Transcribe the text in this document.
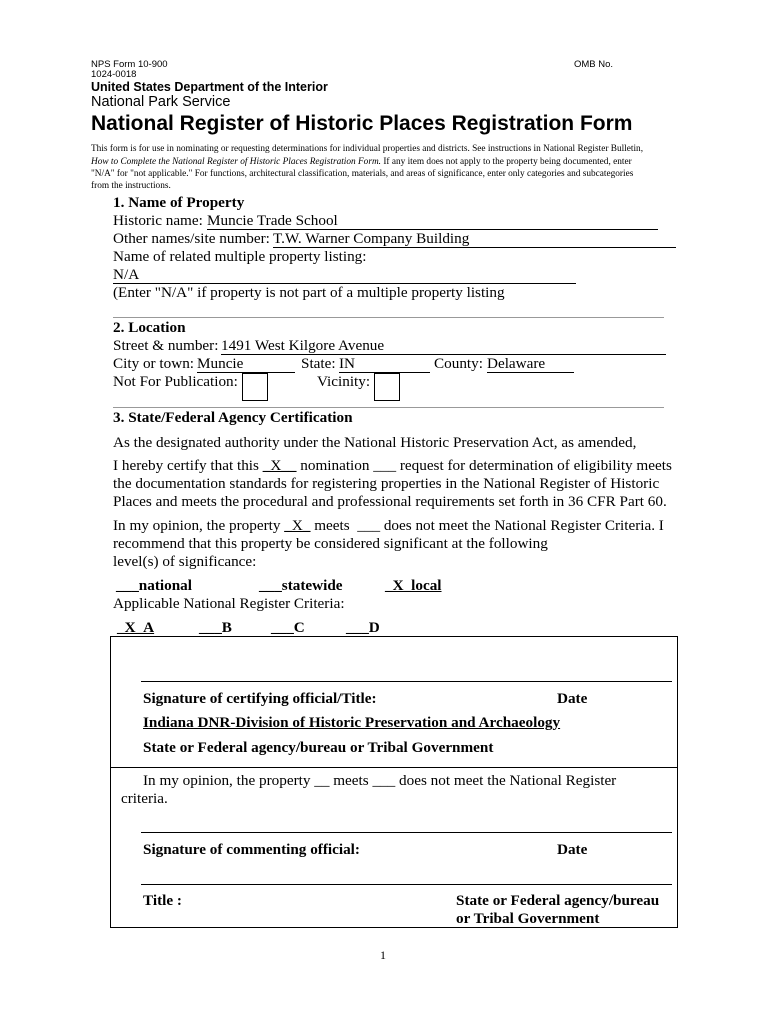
NPS Form 10-900	OMB No.
1024-0018
United States Department of the Interior
National Park Service
National Register of Historic Places Registration Form
This form is for use in nominating or requesting determinations for individual properties and districts. See instructions in National Register Bulletin,
How to Complete the National Register of Historic Places Registration Form. If any item does not apply to the property being documented, enter
"N/A" for "not applicable." For functions, architectural classification, materials, and areas of significance, enter only categories and subcategories
from the instructions.
1. Name of Property
Historic name: Muncie Trade School
Other names/site number: T.W. Warner Company Building
Name of related multiple property listing:
N/A
(Enter "N/A" if property is not part of a multiple property listing
2. Location
Street & number: 1491 West Kilgore Avenue
City or town: Muncie	State: IN	County: Delaware
Not For Publication:	Vicinity:
3. State/Federal Agency Certification
As the designated authority under the National Historic Preservation Act, as amended,
I hereby certify that this _X__ nomination ___ request for determination of eligibility meets
the documentation standards for registering properties in the National Register of Historic
Places and meets the procedural and professional requirements set forth in 36 CFR Part 60.
In my opinion, the property _X_ meets ___ does not meet the National Register Criteria. I
recommend that this property be considered significant at the following
level(s) of significance:
___national	___statewide	_X_local
Applicable National Register Criteria:
_X_A	___B	___C	___D
Signature of certifying official/Title:	Date
Indiana DNR-Division of Historic Preservation and Archaeology
State or Federal agency/bureau or Tribal Government
In my opinion, the property __ meets ___ does not meet the National Register
criteria.
Signature of commenting official:	Date
Title :	State or Federal agency/bureau
or Tribal Government
1
